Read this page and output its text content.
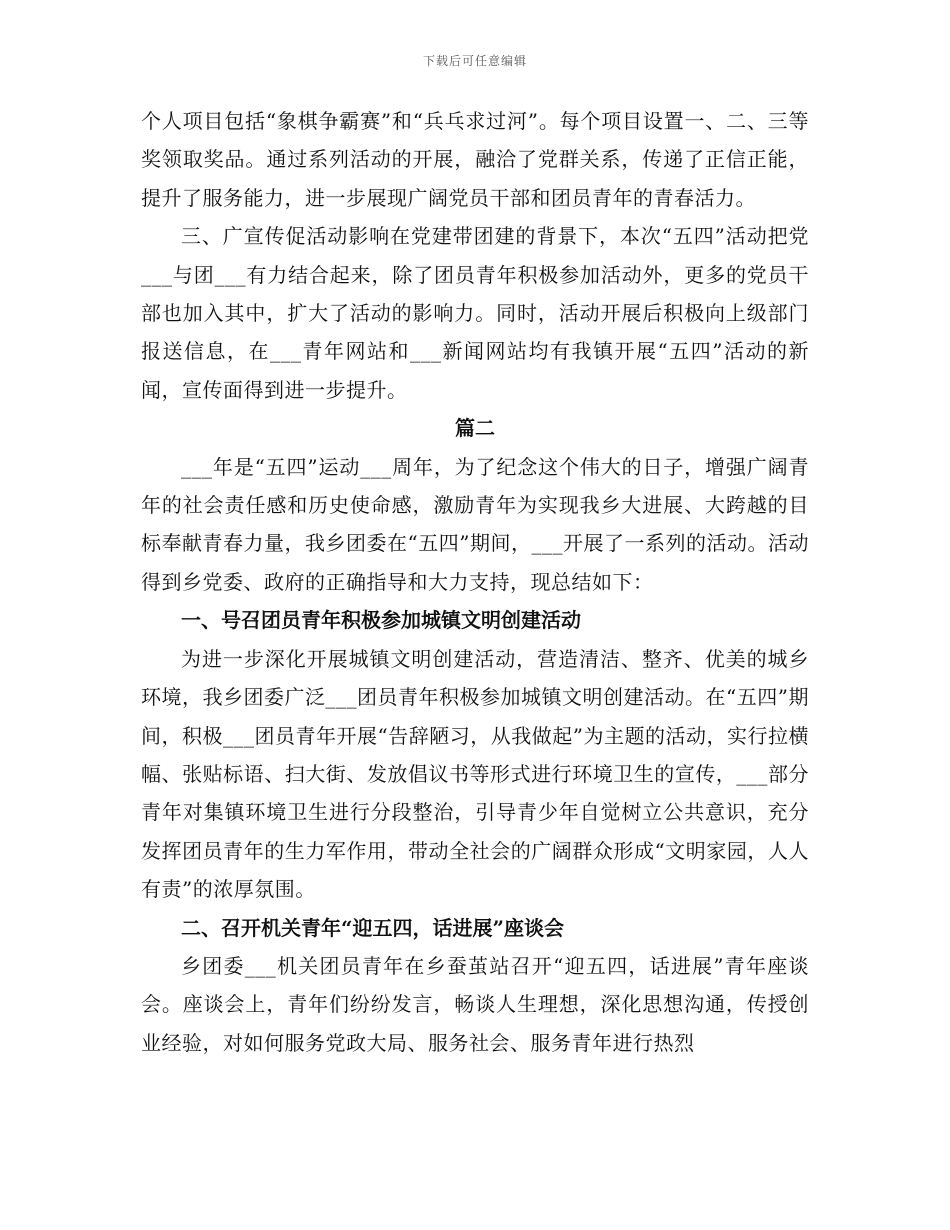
下载后可任意编辑

个人项目包括“象棋争霸赛”和“兵乓求过河”。每个项目设置一、二、三等奖领取奖品。通过系列活动的开展，融洽了党群关系，传递了正信正能，提升了服务能力，进一步展现广阔党员干部和团员青年的青春活力。

三、广宣传促活动影响在党建带团建的背景下，本次“五四”活动把党___与团___有力结合起来，除了团员青年积极参加活动外，更多的党员干部也加入其中，扩大了活动的影响力。同时，活动开展后积极向上级部门报送信息，在___青年网站和___新闻网站均有我镇开展“五四”活动的新闻，宣传面得到进一步提升。

篇二

___年是“五四”运动___周年，为了纪念这个伟大的日子，增强广阔青年的社会责任感和历史使命感，激励青年为实现我乡大进展、大跨越的目标奉献青春力量，我乡团委在“五四”期间，___开展了一系列的活动。活动得到乡党委、政府的正确指导和大力支持，现总结如下：

一、号召团员青年积极参加城镇文明创建活动

为进一步深化开展城镇文明创建活动，营造清洁、整齐、优美的城乡环境，我乡团委广泛___团员青年积极参加城镇文明创建活动。在“五四”期间，积极___团员青年开展“告辞陋习，从我做起”为主题的活动，实行拉横幅、张贴标语、扫大街、发放倡议书等形式进行环境卫生的宣传，___部分青年对集镇环境卫生进行分段整治，引导青少年自觉树立公共意识，充分发挥团员青年的生力军作用，带动全社会的广阔群众形成“文明家园，人人有责”的浓厚氛围。

二、召开机关青年“迎五四，话进展”座谈会

乡团委___机关团员青年在乡蚕茧站召开“迎五四，话进展”青年座谈会。座谈会上，青年们纷纷发言，畅谈人生理想，深化思想沟通，传授创业经验，对如何服务党政大局、服务社会、服务青年进行热烈
